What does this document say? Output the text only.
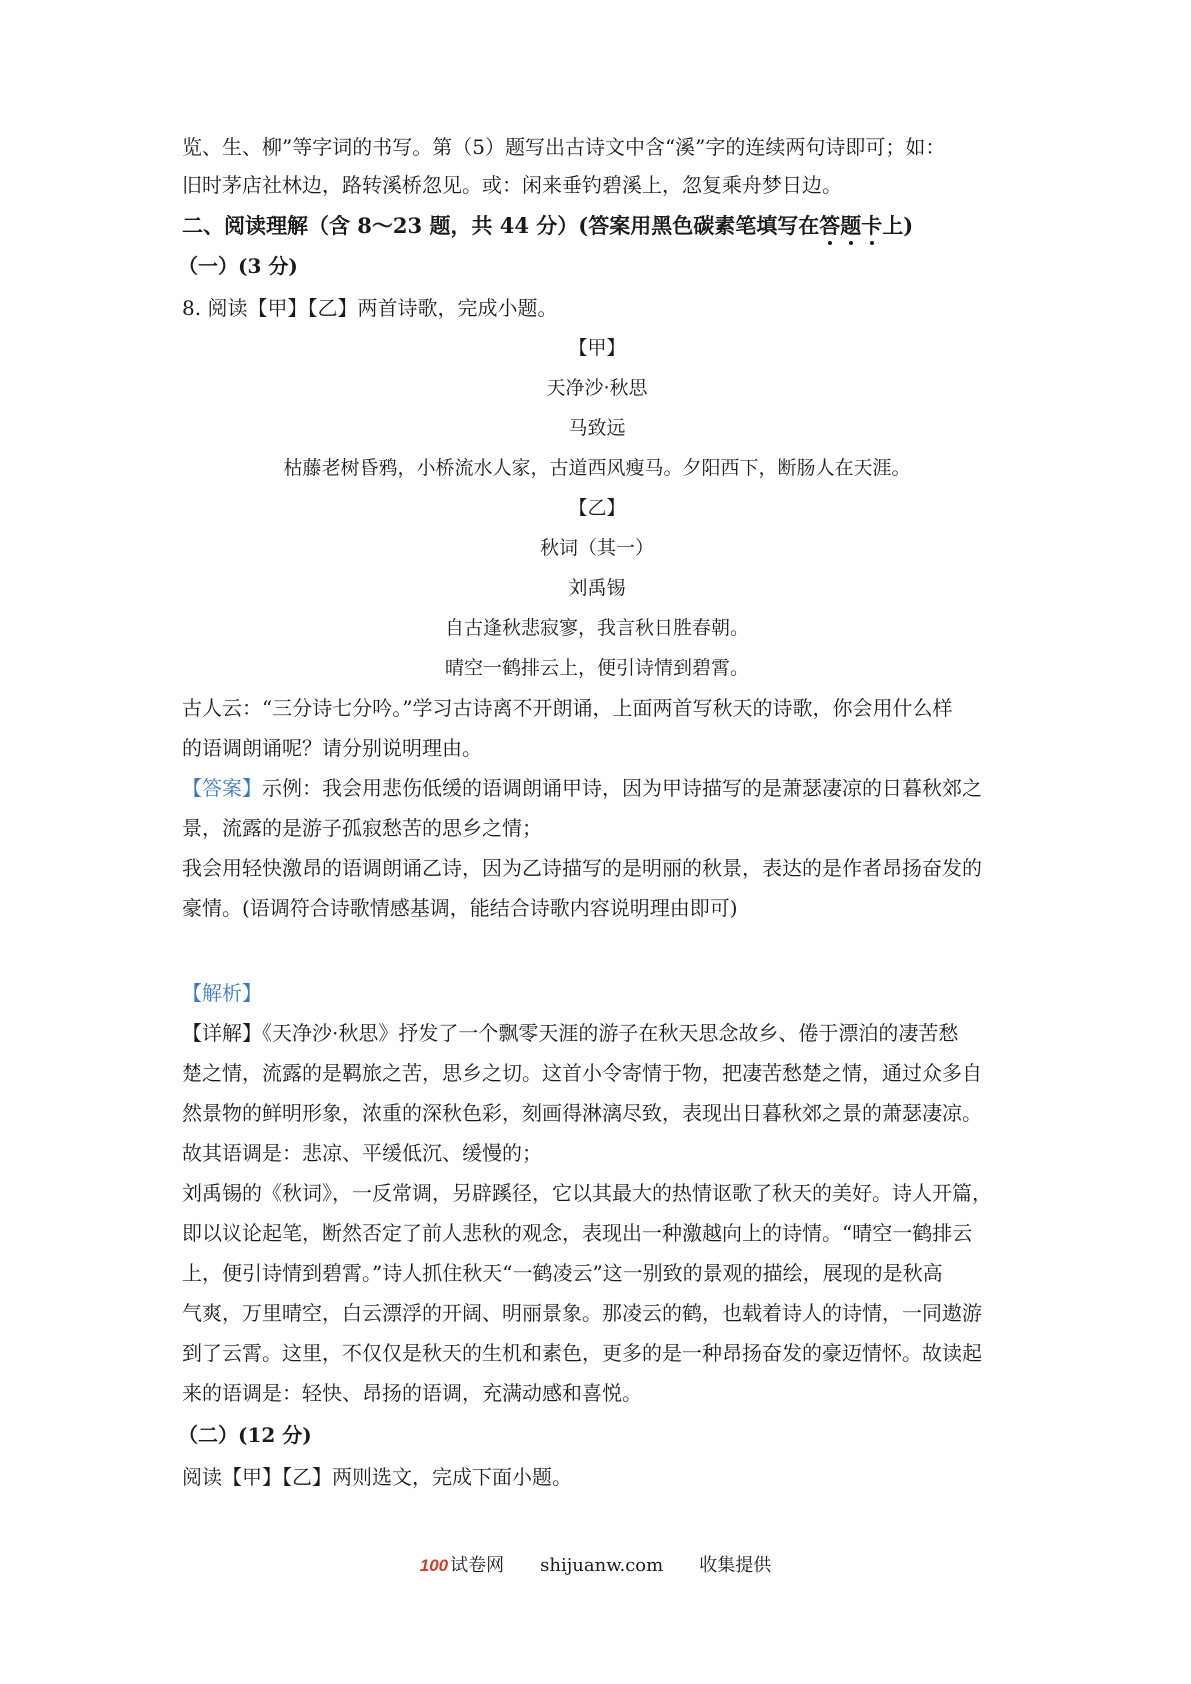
览、生、柳”等字词的书写。第（5）题写出古诗文中含“溪”字的连续两句诗即可；如：
旧时茅店社林边，路转溪桥忽见。或：闲来垂钓碧溪上，忽复乘舟梦日边。
二、阅读理解（含 8～23 题，共 44 分）(答案用黑色碳素笔填写在答题卡上)
（一）(3 分)
8. 阅读【甲】【乙】两首诗歌，完成小题。
【甲】
天净沙·秋思
马致远
枯藤老树昏鸦，小桥流水人家，古道西风瘦马。夕阳西下，断肠人在天涯。
【乙】
秋词（其一）
刘禹锡
自古逢秋悲寂寥，我言秋日胜春朝。
晴空一鹤排云上，便引诗情到碧霄。
古人云：“三分诗七分吟。”学习古诗离不开朗诵，上面两首写秋天的诗歌，你会用什么样
的语调朗诵呢？请分别说明理由。
【答案】示例：我会用悲伤低缓的语调朗诵甲诗，因为甲诗描写的是萧瑟凄凉的日暮秋郊之
景，流露的是游子孤寂愁苦的思乡之情；
我会用轻快激昂的语调朗诵乙诗，因为乙诗描写的是明丽的秋景，表达的是作者昂扬奋发的
豪情。(语调符合诗歌情感基调，能结合诗歌内容说明理由即可)
【解析】
【详解】《天净沙·秋思》抒发了一个飘零天涯的游子在秋天思念故乡、倦于漂泊的凄苦愁
楚之情，流露的是羁旅之苦，思乡之切。这首小令寄情于物，把凄苦愁楚之情，通过众多自
然景物的鲜明形象，浓重的深秋色彩，刻画得淋漓尽致，表现出日暮秋郊之景的萧瑟凄凉。
故其语调是：悲凉、平缓低沉、缓慢的；
刘禹锡的《秋词》，一反常调，另辟蹊径，它以其最大的热情讴歌了秋天的美好。诗人开篇，
即以议论起笔，断然否定了前人悲秋的观念，表现出一种激越向上的诗情。“晴空一鹤排云
上，便引诗情到碧霄。”诗人抓住秋天“一鹤凌云”这一别致的景观的描绘，展现的是秋高
气爽，万里晴空，白云漂浮的开阔、明丽景象。那凌云的鹤，也载着诗人的诗情，一同遨游
到了云霄。这里，不仅仅是秋天的生机和素色，更多的是一种昂扬奋发的豪迈情怀。故读起
来的语调是：轻快、昂扬的语调，充满动感和喜悦。
（二）(12 分)
阅读【甲】【乙】两则选文，完成下面小题。
100 试卷网 shijuanw.com 收集提供
